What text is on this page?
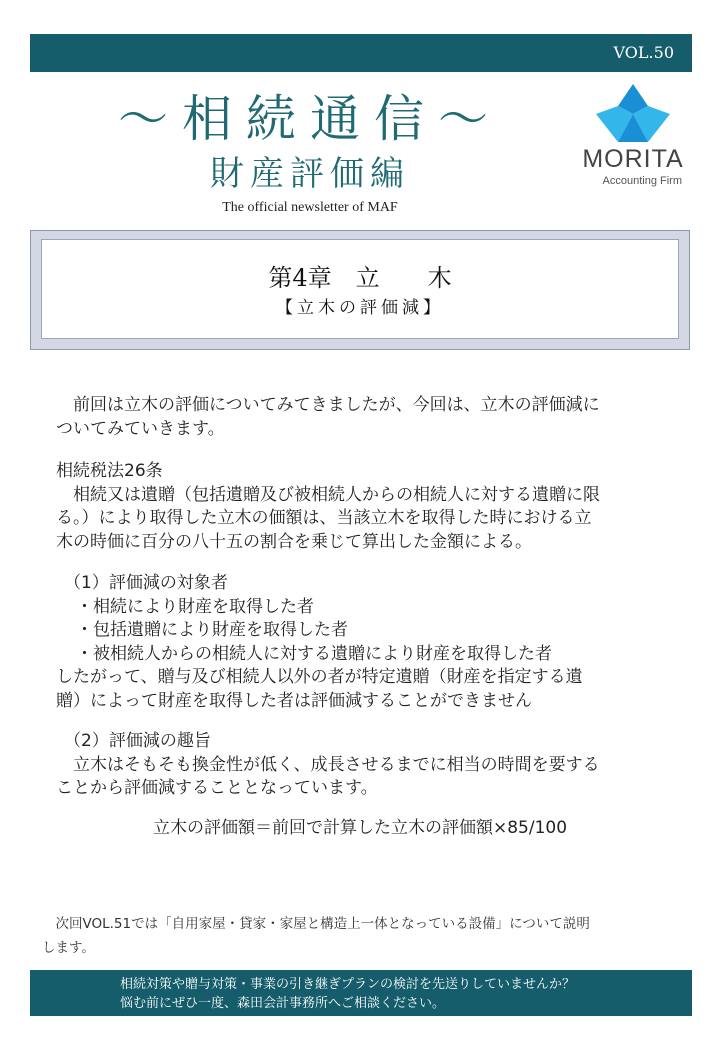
VOL.50
～相続通信～
財産評価編
The official newsletter of MAF
MORITA
Accounting Firm
第4章　立　　木
【立木の評価減】

　前回は立木の評価についてみてきましたが、今回は、立木の評価減に

ついてみていきます。

相続税法26条

　相続又は遺贈（包括遺贈及び被相続人からの相続人に対する遺贈に限

る。）により取得した立木の価額は、当該立木を取得した時における立

木の時価に百分の八十五の割合を乗じて算出した金額による。

（1）評価減の対象者

・相続により財産を取得した者

・包括遺贈により財産を取得した者

・被相続人からの相続人に対する遺贈により財産を取得した者

したがって、贈与及び相続人以外の者が特定遺贈（財産を指定する遺

贈）によって財産を取得した者は評価減することができません

（2）評価減の趣旨

　立木はそもそも換金性が低く、成長させるまでに相当の時間を要する

ことから評価減することとなっています。

立木の評価額＝前回で計算した立木の評価額×85/100

　次回VOL.51では「自用家屋・貸家・家屋と構造上一体となっている設備」について説明

します。

相続対策や贈与対策・事業の引き継ぎプランの検討を先送りしていませんか？

悩む前にぜひ一度、森田会計事務所へご相談ください。
